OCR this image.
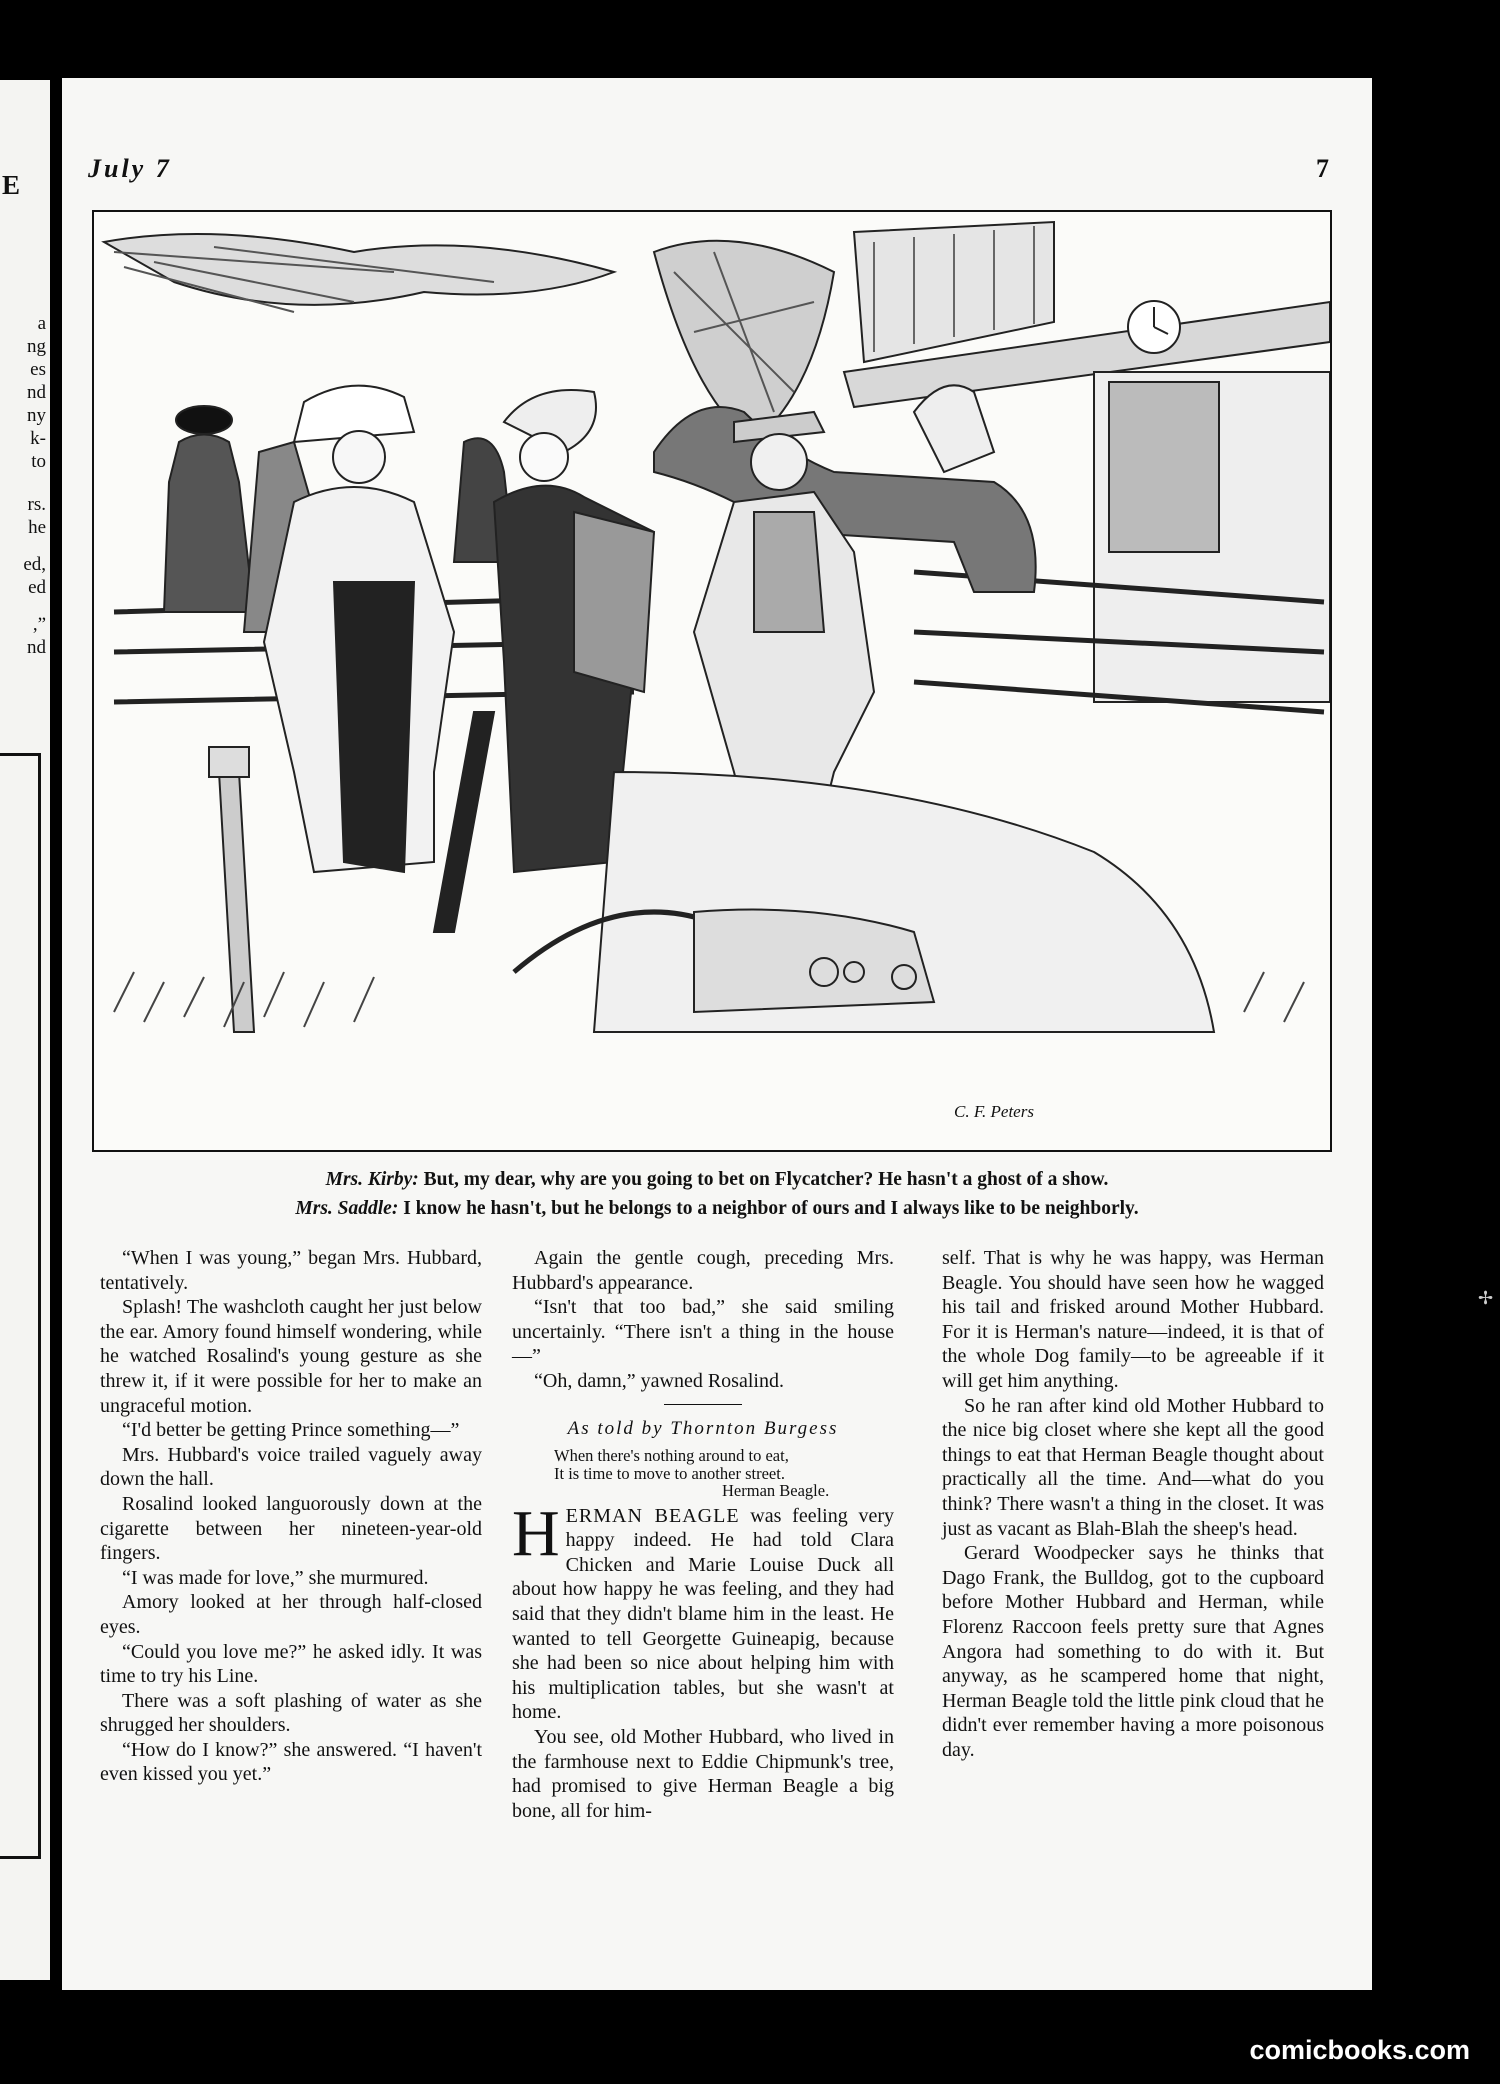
E
a
ng
es
nd
ny
k-
to
rs.
he
ed,
ed
,”
nd
July 7	7
C. F. Peters
Mrs. Kirby: But, my dear, why are you going to bet on Flycatcher? He hasn't a ghost of a show.
Mrs. Saddle: I know he hasn't, but he belongs to a neighbor of ours and I always like to be neighborly.

“When I was young,” began Mrs. Hubbard, tentatively.

Splash! The washcloth caught her just below the ear. Amory found himself wondering, while he watched Rosalind's young gesture as she threw it, if it were possible for her to make an ungraceful motion.

“I'd better be getting Prince something—”

Mrs. Hubbard's voice trailed vaguely away down the hall.

Rosalind looked languorously down at the cigarette between her nineteen-year-old fingers.

“I was made for love,” she murmured.

Amory looked at her through half-closed eyes.

“Could you love me?” he asked idly. It was time to try his Line.

There was a soft plashing of water as she shrugged her shoulders.

“How do I know?” she answered. “I haven't even kissed you yet.”

Again the gentle cough, preceding Mrs. Hubbard's appearance.

“Isn't that too bad,” she said smiling uncertainly. “There isn't a thing in the house—”

“Oh, damn,” yawned Rosalind.

As told by Thornton Burgess
When there's nothing around to eat,
It is time to move to another street.
Herman Beagle.

HERMAN BEAGLE was feeling very happy indeed. He had told Clara Chicken and Marie Louise Duck all about how happy he was feeling, and they had said that they didn't blame him in the least. He wanted to tell Georgette Guineapig, because she had been so nice about helping him with his multiplication tables, but she wasn't at home.

You see, old Mother Hubbard, who lived in the farmhouse next to Eddie Chipmunk's tree, had promised to give Herman Beagle a big bone, all for him-

self. That is why he was happy, was Herman Beagle. You should have seen how he wagged his tail and frisked around Mother Hubbard. For it is Herman's nature—indeed, it is that of the whole Dog family—to be agreeable if it will get him anything.

So he ran after kind old Mother Hubbard to the nice big closet where she kept all the good things to eat that Herman Beagle thought about practically all the time. And—what do you think? There wasn't a thing in the closet. It was just as vacant as Blah-Blah the sheep's head.

Gerard Woodpecker says he thinks that Dago Frank, the Bulldog, got to the cupboard before Mother Hubbard and Herman, while Florenz Raccoon feels pretty sure that Agnes Angora had something to do with it. But anyway, as he scampered home that night, Herman Beagle told the little pink cloud that he didn't ever remember having a more poisonous day.

✢
comicbooks.com
